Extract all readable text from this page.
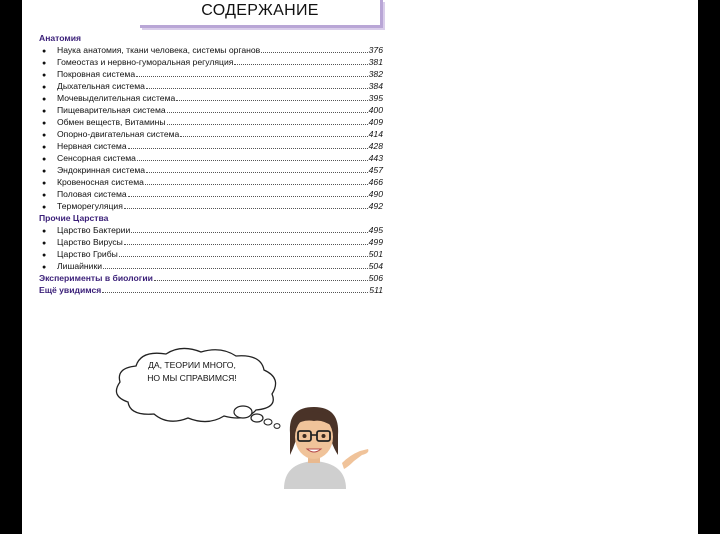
СОДЕРЖАНИЕ
Анатомия
●	Наука анатомия, ткани человека, системы органов	376
●	Гомеостаз и нервно-гуморальная регуляция	381
●	Покровная система	382
●	Дыхательная система	384
●	Мочевыделительная система	395
●	Пищеварительная система	400
●	Обмен веществ, Витамины	409
●	Опорно-двигательная система	414
●	Нервная система	428
●	Сенсорная система	443
●	Эндокринная система	457
●	Кровеносная система	466
●	Половая система	490
●	Терморегуляция	492
Прочие Царства
●	Царство Бактерии	495
●	Царство Вирусы	499
●	Царство Грибы	501
●	Лишайники	504
Эксперименты в биологии	506
Ещё увидимся	511
ДА, ТЕОРИИ МНОГО,
НО МЫ СПРАВИМСЯ!
Avito
